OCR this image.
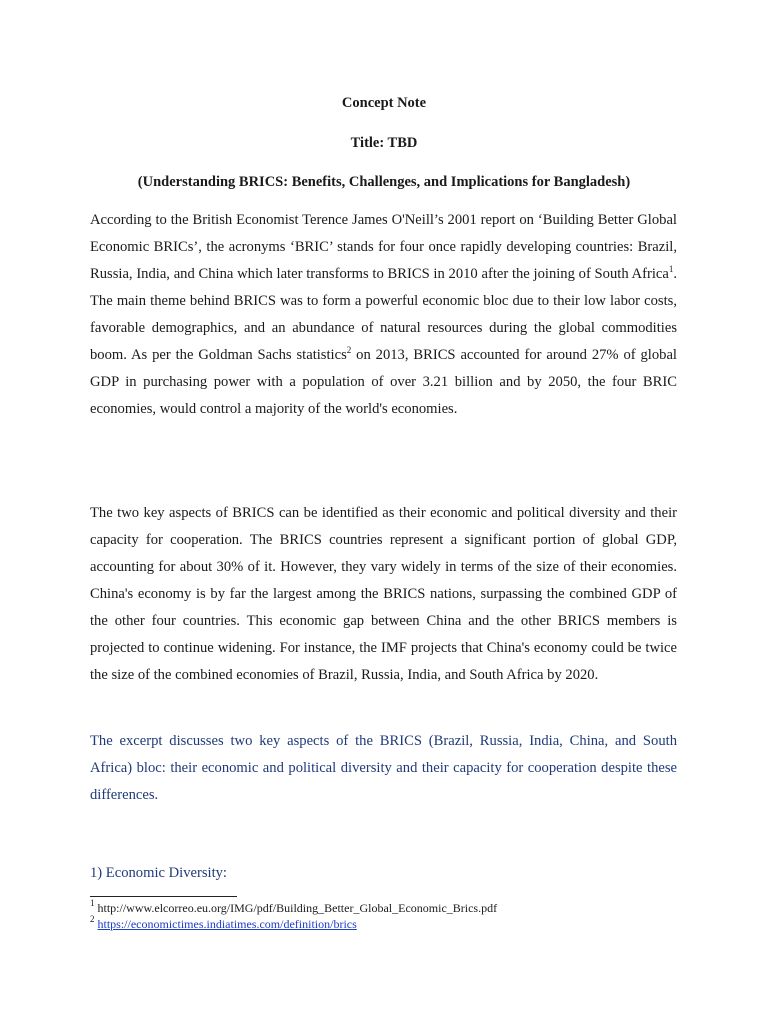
Concept Note
Title: TBD
(Understanding BRICS: Benefits, Challenges, and Implications for Bangladesh)

According to the British Economist Terence James O'Neill’s 2001 report on ‘Building Better Global Economic BRICs’, the acronyms ‘BRIC’ stands for four once rapidly developing countries: Brazil, Russia, India, and China which later transforms to BRICS in 2010 after the joining of South Africa$^1$. The main theme behind BRICS was to form a powerful economic bloc due to their low labor costs, favorable demographics, and an abundance of natural resources during the global commodities boom. As per the Goldman Sachs statistics$^2$ on 2013, BRICS accounted for around 27% of global GDP in purchasing power with a population of over 3.21 billion and by 2050, the four BRIC economies, would control a majority of the world's economies.

The two key aspects of BRICS can be identified as their economic and political diversity and their capacity for cooperation. The BRICS countries represent a significant portion of global GDP, accounting for about 30% of it. However, they vary widely in terms of the size of their economies. China's economy is by far the largest among the BRICS nations, surpassing the combined GDP of the other four countries. This economic gap between China and the other BRICS members is projected to continue widening. For instance, the IMF projects that China's economy could be twice the size of the combined economies of Brazil, Russia, India, and South Africa by 2020.

The excerpt discusses two key aspects of the BRICS (Brazil, Russia, India, China, and South Africa) bloc: their economic and political diversity and their capacity for cooperation despite these differences.

1) Economic Diversity:

$^1$ http://www.elcorreo.eu.org/IMG/pdf/Building_Better_Global_Economic_Brics.pdf
$^2$ https://economictimes.indiatimes.com/definition/brics
